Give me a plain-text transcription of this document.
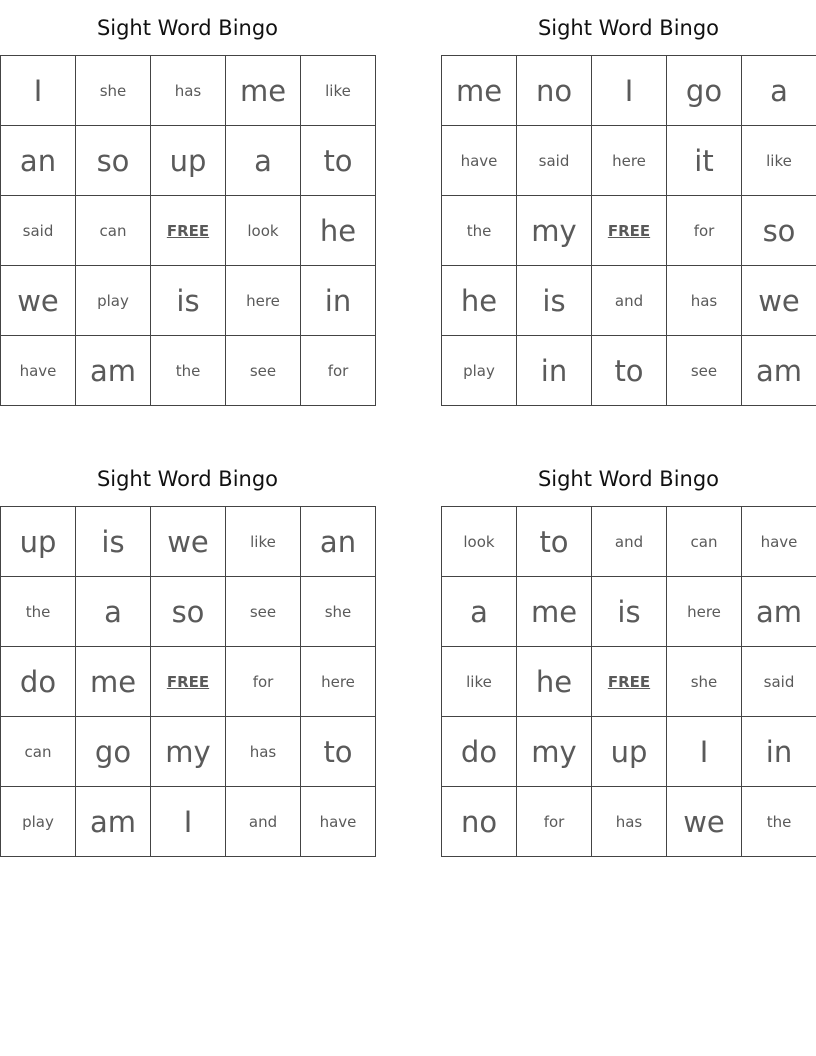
Sight Word Bingo
I	she	has	me	like
an	so	up	a	to
said	can	FREE	look	he
we	play	is	here	in
have	am	the	see	for
Sight Word Bingo
me	no	I	go	a
have	said	here	it	like
the	my	FREE	for	so
he	is	and	has	we
play	in	to	see	am
Sight Word Bingo
up	is	we	like	an
the	a	so	see	she
do	me	FREE	for	here
can	go	my	has	to
play	am	I	and	have
Sight Word Bingo
look	to	and	can	have
a	me	is	here	am
like	he	FREE	she	said
do	my	up	I	in
no	for	has	we	the
